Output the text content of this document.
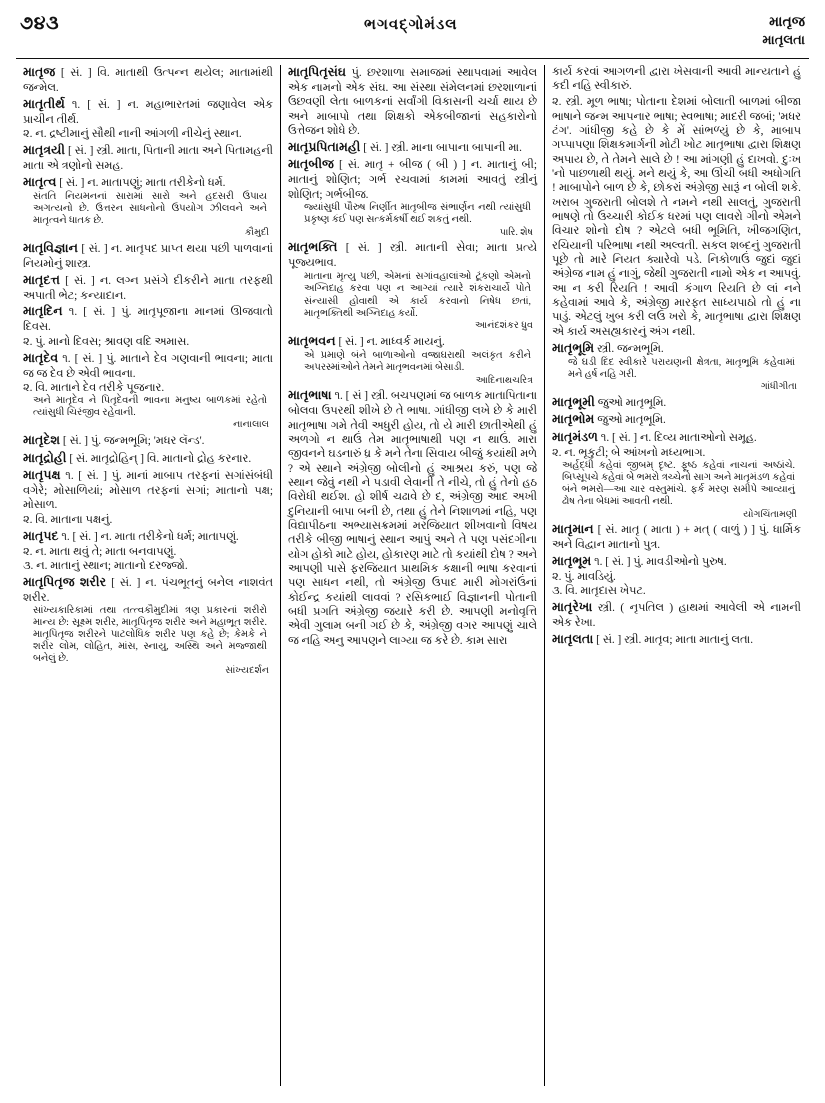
૭૪૩	ભગવદ્‌ગોમંડલ	માતૃજ
માતૃલતા
માતૃજ [ સં. ] વિ. માતાથી ઉત્પન્ન થયેલ; માતામાંથી જન્મેલ.
માતૃતીર્થ ૧. [ સં. ] ન. મહાભારતમાં જણાવેલ એક પ્રાચીન તીર્થ.
૨. ન. દ્રષ્ટીમાનું સૌથી નાની આંગળી નીચેનું સ્થાન.
માતૃત્રયી [ સં. ] સ્ત્રી. માતા, પિતાની માતા અને પિતામહની માતા એ ત્રણોનો સમહ.
માતૃત્વ [ સં. ] ન. માતાપણું; માતા તરીકેનો ધર્મ.
સંતતિ નિયમનનાં સારામાં સારો અને હદસરી ઉપાય અગત્યનો છે. ઉત્તરન સાધનોનો ઉપયોગ ઝીલવને અને માતૃત્વને ધાતક છે.
કૌમુદી
માતૃવિજ્ઞાન [ સં. ] ન. માતૃપદ પ્રાપ્ત થયા પછી પાળવાનાં નિયમોનું શાસ્ત્ર.
માતૃદત્ત [ સં. ] ન. લગ્ન પ્રસંગે દીકરીને માતા તરફથી અપાતી ભેટ; કન્યાદાન.
માતૃદિન ૧. [ સં. ] પું. માતૃપૂજાના માનમાં ઊજવાતો દિવસ.
૨. પું. માનો દિવસ; શ્રાવણ વદિ અમાસ.
માતૃદેવ ૧. [ સં. ] પું. માતાને દેવ ગણવાની ભાવના; માતા જ જ દેવ છે એવી ભાવના.
૨. વિ. માતાને દેવ તરીકે પૂજનાર.
અને માતૃદેવ ને પિતૃદેવની ભાવના મનુષ્ય બાળકમાં રહેતો ત્યાંસુધી ચિરંજીવ રહેવાની.
નાનાલાલ
માતૃદેશ [ સં. ] પું. જન્મભૂમિ; 'મધર લૅન્ડ'.
માતૃદ્રોહી [ સં. માતૃદ્રોહિન્ ] વિ. માતાનો દ્રોહ કરનાર.
માતૃપક્ષ ૧. [ સં. ] પું. માનાં માબાપ તરફનાં સગાંસંબંધી વગેરે; મોસાળિયાં; મોસાળ તરફનાં સગાં; માતાનો પક્ષ; મોસાળ.
૨. વિ. માતાના પક્ષનું.
માતૃપદ ૧. [ સં. ] ન. માતા તરીકેનો ધર્મ; માતાપણું.
૨. ન. માતા થવું તે; માતા બનવાપણું.
૩. ન. માતાનું સ્થાન; માતાનો દરજ્જો.
માતૃપિતૃજ શરીર [ સં. ] ન. પંચભૂતનું બનેલ નાશવંત શરીર.
સાંખ્યકારિકામાં તથા તત્ત્વકૌમુદીમાં ત્રણ પ્રકારનાં શરીરો માન્ય છે: સૂક્ષ્મ શરીર, માતૃપિતૃજ શરીર અને મહાભૂત શરીર. માતૃપિતૃજ શરીરને પાટલોધિક શરીર પણ કહે છે; કેમકે ને શરીર લોમ, લોહિત, માંસ, સ્નાયુ, અસ્થિ અને મજ્જાથી બનેલું છે.
સાંખ્યદર્શન
માતૃપિતૃસંઘ પું. છરશાળા સમાજમાં સ્થાપવામાં આવેલ એક નામનો એક સંઘ. આ સંસ્થા સંમેલનમાં છરશાળાનાં ઉછવણી લેતા બાળકનાં સર્વાંગી વિકાસની ચર્ચા થાય છે અને માબાપો તથા શિક્ષકો એકબીજાનાં સહકારોનો ઉત્તેજન શોધે છે.
માતૃપ્રપિતામહી [ સં. ] સ્ત્રી. માના બાપાના બાપાની મા.
માતૃબીજ [ સં. માતૃ + બીજ ( બી ) ] ન. માતાનું બી; માતાનું શોણિત; ગર્ભ રચવામાં કામમાં આવતું સ્ત્રીનું શોણિત; ગર્ભબીજ.
જ્યાંસુધી પૌરુષ નિર્ણીત માતૃબીજ સંભાર્ણન નથી ત્યાંસુધી પ્રકૃષ્ણ કંઈ પણ સત્કર્મકર્ષી થઈ શકતું નથી.
પારિ. શેષ
માતૃભક્તિ [ સં. ] સ્ત્રી. માતાની સેવા; માતા પ્રત્યે પૂજ્યભાવ.
માતાના મૃત્યુ પછી, એમનાં સગાંવહાલાંઓ ટૂંકણો એમનો અગ્નિદાહ કરવા પણ ન આગ્યાં ત્યારે શંકરાચાર્યે પોતે સંન્યાસી હોવાથી એ કાર્ય કરવાનો નિષેધ છતાં, માતૃભક્તિથી અગ્નિદાહ કર્યો.
આનંદશંકર ધ્રુવ
માતૃભવન [ સં. ] ન. માધ્વર્ક માયનું.
એ પ્રમાણે બંને બાળાઓનો વજ્રાઘરાથી અલંકૃત કરીને અપરસ્માંઓને તેમને માતૃભવનમાં બેસાડી.
આદિનાથચરિત્ર
માતૃભાષા ૧. [ સં ] સ્ત્રી. બચપણમાં જ બાળક માતાપિતાના બોલવા ઉપરથી શીખે છે તે ભાષા. ગાંધીજી લખે છે કે મારી માતૃભાષા ગમે તેવી અધુરી હોય, તો યે મારી છાતીએથી હું અળગો ન થાઉં તેમ માતૃભાષાથી પણ ન થાઉં. મારા જીવનને ઘડનારું ધ્ર કે મને તેના સિવાય બીજું કયાંથી મળે ? એ સ્થાને અંગ્રેજી બોલીનો હું આશ્રય કરું, પણ જે સ્થાન જેવું નથી ને પડાવી લેવાની તે નીચે, તો હું તેનો હઠ વિરોધી થઈશ. હો શીર્ષ ચઢાવે છે દ, અંગ્રેજી આદ અખી દુનિયાની બાપા બની છે, તથા હું તેને નિશાળમાં નહિ, પણ વિદ્યાપીઠના અભ્યાસક્રમમાં મરજિયાત શીખવાનો વિષય તરીકે બીજી ભાષાનું સ્થાન આપું અને તે પણ પસંદગીના યોગ હોકો માટે હોય, હોકારણ માટે તો કયાંથી દોષ ? અને આપણી પાસે ફરજિયાત પ્રાથમિક કક્ષાની ભાષા કરવાનાં પણ સાધન નથી, તો અંગ્રેજી ઉપાદ મારી મોગરાંઉંનાં કોઈન્દ્ર કયાંથી લાવવાં ? રસિકભાઈ વિજ્ઞાનની પોતાની બધી પ્રગતિ અંગ્રેજી જયારે કરી છે. આપણી મનોવૃત્તિ એવી ગુલામ બની ગઈ છે કે, અંગ્રેજી વગર આપણું ચાલે જ નહિ અનુ આપણને લાગ્યા જ કરે છે. કામ સારા
કાર્ય કરવાં આગળની દ્વારા ખેસવાની આવી માન્યતાને હું કદી નહિ સ્વીકારું.
૨. સ્ત્રી. મૂળ ભાષા; પોતાના દેશમાં બોલાતી બાળમાં બીજા ભાષાને જન્મ આપનાર ભાષા; સ્વભાષા; માદરી જબાં; 'મધર ટંગ'. ગાંધીજી કહે છે કે મેં સાંભળ્યું છે કે, માબાપ ગપ્પાપણા શિક્ષકમાર્ગની મોટી ખોટ માતૃભાષા દ્વારા શિક્ષણ અપાય છે, તે તેમને સાલે છે ! આ માંગણી હું દાખવો. દુઃખ 'નો પાછળાથી થયું. મને થયું કે, આ ઊંચી બધી અધોગતિ ! માબાપોને બાળ છે કે, છોકરાં અંગ્રેજી સારૂં ન બોલી શકે. ખરાબ ગુજરાતી બોલશે તે નમને નથી સાલતું, ગુજરાતી ભાષણે તો ઉચ્ચારી કોઈક ધરમાં પણ લાવરો ગીનો એમને વિચાર શોનો દોષ ? એટલે બધી ભૂમિતિ, ખીજગણિત, રચિયાની પરિભાષા નથી અલ્વતી. સકલ શબ્દનું ગુજરાતી પૂછે તો મારે નિયત ક્યારેવો પડે. નિકોળાઉં જુદાં જુદાં અંગ્રેજ નામ હું નાગું, જેથી ગુજરાતી નામો એક ન આપવું. આ ન કરી રિયતિ ! આવી કંગાળ રિયતિ છે લાં નને કહેવામાં આવે કે, અંગ્રેજી મારફત સાધ્યપાઠો તો હું ના પાડું. એટલું ખુબ કરી લઉં ખરો કે, માતૃભાષા દ્વારા શિક્ષણ એ કાર્ય અસહ્યકારનું અંગ નથી.
માતૃભૂમિ સ્ત્રી. જન્મભૂમિ.
જે ઘડી દિંદ સ્વીકારે પરાયણની ક્ષેત્રતા, માતૃભૂમિ કહેવામાં મને હર્ષ નહિ ગરી.
ગાંધીગીતા
માતૃભૂમી જુઓ માતૃભૂમિ.
માતૃભોમ જુઓ માતૃભૂમિ.
માતૃમંડળ ૧. [ સં. ] ન. દિવ્ય માતાઓનો સમૂહ.
૨. ન. ભૃકુટી; બે આંખનો મધ્યભાગ.
અર્હદ્ધી કહેવાં જીબમ્ દૃષ્ટ. ફૂષ્ઠ કહેવાં નાચનાં અષ્ઠાંચે. બિપ્સૂપચે કહેવાં બે ભમરો ત્રચ્ચેનો સાગ અને માતૃમંડળ કહેવાં બંને ભમરો—આ ચાર વસ્તુમાંચે. ફર્ક મરણ સમીપે આવ્યાનું ઢોષ તેના બેધમાં આવતી નથી.
યોગચિંતામણી
માતૃમાન [ સં. માતૃ ( માતા ) + મત્ ( વાળું ) ] પું. ધાર્મિક અને વિદ્વાન માતાનો પુત્ર.
માતૃભૂમ ૧. [ સં. ] પું. માવડીઓનો પુરુષ.
૨. પું. માવડિયું.
૩. વિ. માતૃદાસ ખેપટ.
માતૃરેખા સ્ત્રી. ( નૃપતિલ ) હાથમાં આવેલી એ નામની એક રેખા.
માતૃલતા [ સં. ] સ્ત્રી. માતૃવ; માતા માતાનું લતા.
